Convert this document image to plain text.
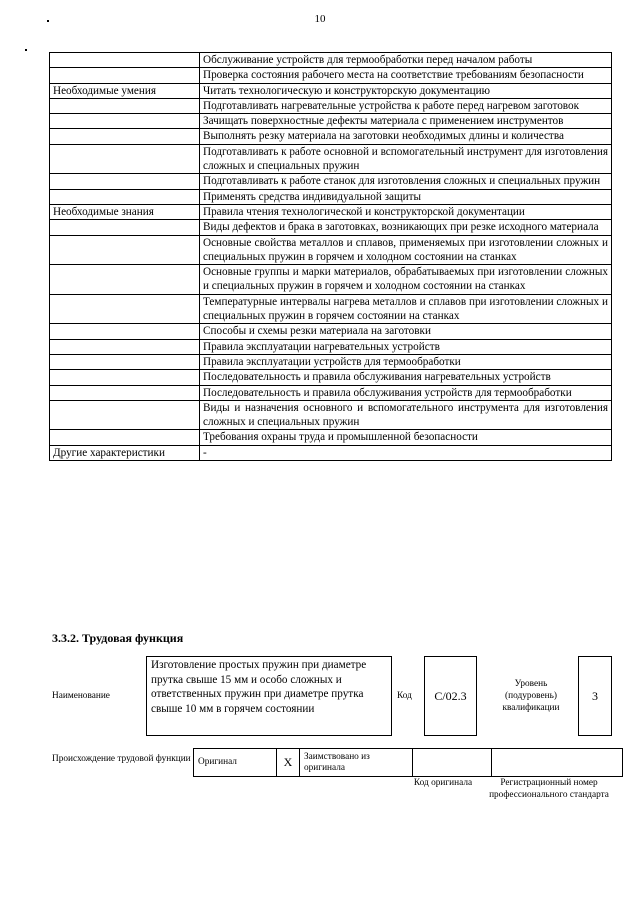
10
	Обслуживание устройств для термообработки перед началом работы
	Проверка состояния рабочего места на соответствие требованиям безопасности
Необходимые умения	Читать технологическую и конструкторскую документацию
	Подготавливать нагревательные устройства к работе перед нагревом заготовок
	Зачищать поверхностные дефекты материала с применением инструментов
	Выполнять резку материала на заготовки необходимых длины и количества
	Подготавливать к работе основной и вспомогательный инструмент для изготовления сложных и специальных пружин
	Подготавливать к работе станок для изготовления сложных и специальных пружин
	Применять средства индивидуальной защиты
Необходимые знания	Правила чтения технологической и конструкторской документации
	Виды дефектов и брака в заготовках, возникающих при резке исходного материала
	Основные свойства металлов и сплавов, применяемых при изготовлении сложных и специальных пружин в горячем и холодном состоянии на станках
	Основные группы и марки материалов, обрабатываемых при изготовлении сложных и специальных пружин в горячем и холодном состоянии на станках
	Температурные интервалы нагрева металлов и сплавов при изготовлении сложных и специальных пружин в горячем состоянии на станках
	Способы и схемы резки материала на заготовки
	Правила эксплуатации нагревательных устройств
	Правила эксплуатации устройств для термообработки
	Последовательность и правила обслуживания нагревательных устройств
	Последовательность и правила обслуживания устройств для термообработки
	Виды и назначения основного и вспомогательного инструмента для изготовления сложных и специальных пружин
	Требования охраны труда и промышленной безопасности
Другие характеристики	-
3.3.2. Трудовая функция
Наименование
Изготовление простых пружин при диаметре прутка свыше 15 мм и особо сложных и ответственных пружин при диаметре прутка свыше 10 мм в горячем состоянии
Код	C/02.3
Уровень (подуровень) квалификации
3
Происхождение трудовой функции Оригинал	X	Заимствовано из оригинала		
Код оригинала	Регистрационный номер профессионального стандарта
